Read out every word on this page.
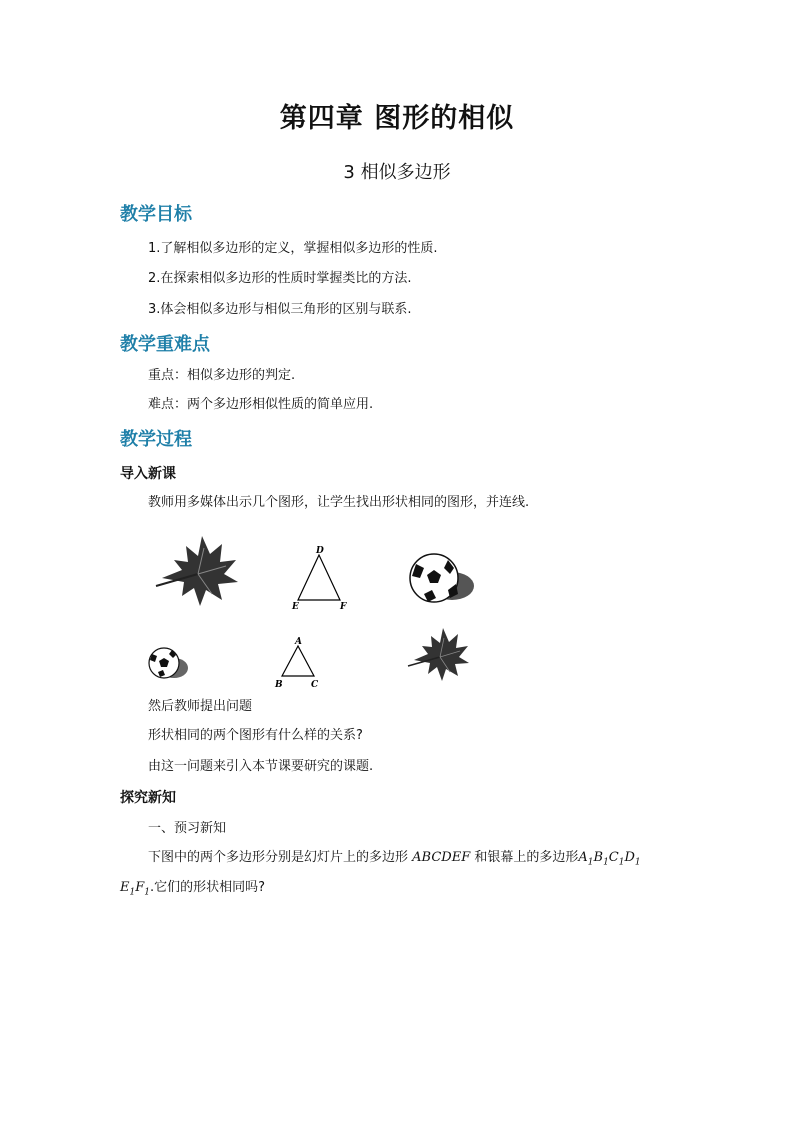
第四章 图形的相似
3 相似多边形
教学目标
1.了解相似多边形的定义，掌握相似多边形的性质.
2.在探索相似多边形的性质时掌握类比的方法.
3.体会相似多边形与相似三角形的区别与联系.
教学重难点
重点：相似多边形的判定.
难点：两个多边形相似性质的简单应用.
教学过程
导入新课
教师用多媒体出示几个图形，让学生找出形状相同的图形，并连线.
D
E	F
A
B	C
然后教师提出问题
形状相同的两个图形有什么样的关系?
由这一问题来引入本节课要研究的课题.
探究新知
一、预习新知
下图中的两个多边形分别是幻灯片上的多边形 ABCDEF 和银幕上的多边形$A_1B_1C_1D_1$
$E_1F_1$.它们的形状相同吗?
